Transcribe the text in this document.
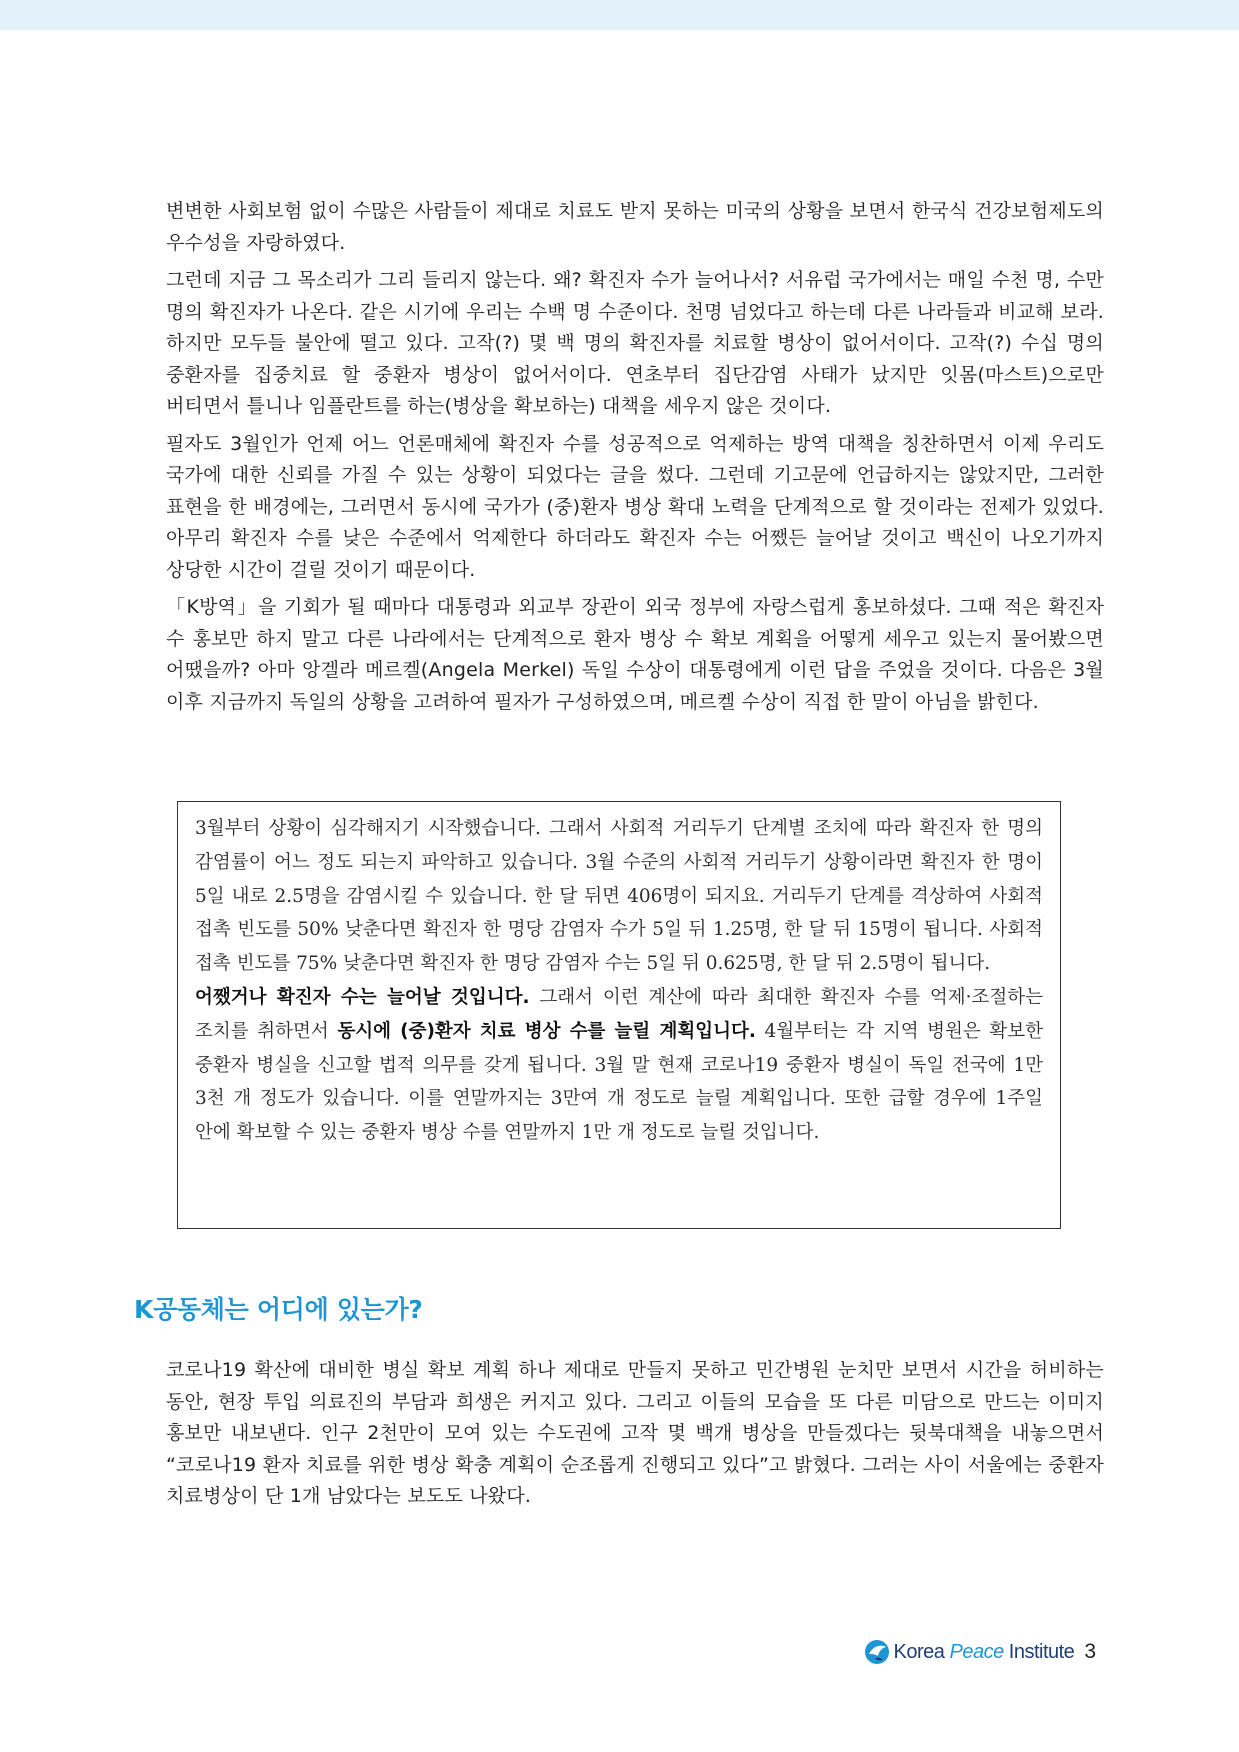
변변한 사회보험 없이 수많은 사람들이 제대로 치료도 받지 못하는 미국의 상황을 보면서 한국식 건강보험제도의 우수성을 자랑하였다.

그런데 지금 그 목소리가 그리 들리지 않는다. 왜? 확진자 수가 늘어나서? 서유럽 국가에서는 매일 수천 명, 수만 명의 확진자가 나온다. 같은 시기에 우리는 수백 명 수준이다. 천명 넘었다고 하는데 다른 나라들과 비교해 보라. 하지만 모두들 불안에 떨고 있다. 고작(?) 몇 백 명의 확진자를 치료할 병상이 없어서이다. 고작(?) 수십 명의 중환자를 집중치료 할 중환자 병상이 없어서이다. 연초부터 집단감염 사태가 났지만 잇몸(마스트)으로만 버티면서 틀니나 임플란트를 하는(병상을 확보하는) 대책을 세우지 않은 것이다.

필자도 3월인가 언제 어느 언론매체에 확진자 수를 성공적으로 억제하는 방역 대책을 칭찬하면서 이제 우리도 국가에 대한 신뢰를 가질 수 있는 상황이 되었다는 글을 썼다. 그런데 기고문에 언급하지는 않았지만, 그러한 표현을 한 배경에는, 그러면서 동시에 국가가 (중)환자 병상 확대 노력을 단계적으로 할 것이라는 전제가 있었다. 아무리 확진자 수를 낮은 수준에서 억제한다 하더라도 확진자 수는 어쨌든 늘어날 것이고 백신이 나오기까지 상당한 시간이 걸릴 것이기 때문이다.

「K방역」을 기회가 될 때마다 대통령과 외교부 장관이 외국 정부에 자랑스럽게 홍보하셨다. 그때 적은 확진자 수 홍보만 하지 말고 다른 나라에서는 단계적으로 환자 병상 수 확보 계획을 어떻게 세우고 있는지 물어봤으면 어땠을까? 아마 앙겔라 메르켈(Angela Merkel) 독일 수상이 대통령에게 이런 답을 주었을 것이다. 다음은 3월 이후 지금까지 독일의 상황을 고려하여 필자가 구성하였으며, 메르켈 수상이 직접 한 말이 아님을 밝힌다.

3월부터 상황이 심각해지기 시작했습니다. 그래서 사회적 거리두기 단계별 조치에 따라 확진자 한 명의 감염률이 어느 정도 되는지 파악하고 있습니다. 3월 수준의 사회적 거리두기 상황이라면 확진자 한 명이 5일 내로 2.5명을 감염시킬 수 있습니다. 한 달 뒤면 406명이 되지요. 거리두기 단계를 격상하여 사회적 접촉 빈도를 50% 낮춘다면 확진자 한 명당 감염자 수가 5일 뒤 1.25명, 한 달 뒤 15명이 됩니다. 사회적 접촉 빈도를 75% 낮춘다면 확진자 한 명당 감염자 수는 5일 뒤 0.625명, 한 달 뒤 2.5명이 됩니다.

어쨌거나 확진자 수는 늘어날 것입니다. 그래서 이런 계산에 따라 최대한 확진자 수를 억제·조절하는 조치를 취하면서 동시에 (중)환자 치료 병상 수를 늘릴 계획입니다. 4월부터는 각 지역 병원은 확보한 중환자 병실을 신고할 법적 의무를 갖게 됩니다. 3월 말 현재 코로나19 중환자 병실이 독일 전국에 1만 3천 개 정도가 있습니다. 이를 연말까지는 3만여 개 정도로 늘릴 계획입니다. 또한 급할 경우에 1주일 안에 확보할 수 있는 중환자 병상 수를 연말까지 1만 개 정도로 늘릴 것입니다.

K공동체는 어디에 있는가?

코로나19 확산에 대비한 병실 확보 계획 하나 제대로 만들지 못하고 민간병원 눈치만 보면서 시간을 허비하는 동안, 현장 투입 의료진의 부담과 희생은 커지고 있다. 그리고 이들의 모습을 또 다른 미담으로 만드는 이미지 홍보만 내보낸다. 인구 2천만이 모여 있는 수도권에 고작 몇 백개 병상을 만들겠다는 뒷북대책을 내놓으면서 “코로나19 환자 치료를 위한 병상 확충 계획이 순조롭게 진행되고 있다”고 밝혔다. 그러는 사이 서울에는 중환자 치료병상이 단 1개 남았다는 보도도 나왔다.

Korea Peace Institute 3
